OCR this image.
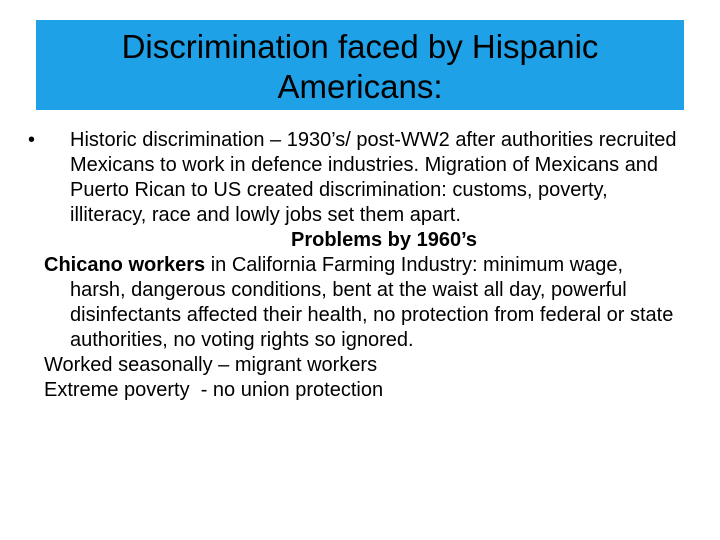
Discrimination faced by Hispanic
Americans:

•	Historic discrimination – 1930’s/ post-WW2 after authorities recruited Mexicans to work in defence industries. Migration of Mexicans and Puerto Rican to US created discrimination: customs, poverty, illiteracy, race and lowly jobs set them apart.

Problems by 1960’s

Chicano workers in California Farming Industry: minimum wage, harsh, dangerous conditions, bent at the waist all day, powerful disinfectants affected their health, no protection from federal or state authorities, no voting rights so ignored.

Worked seasonally – migrant workers

Extreme poverty  - no union protection
